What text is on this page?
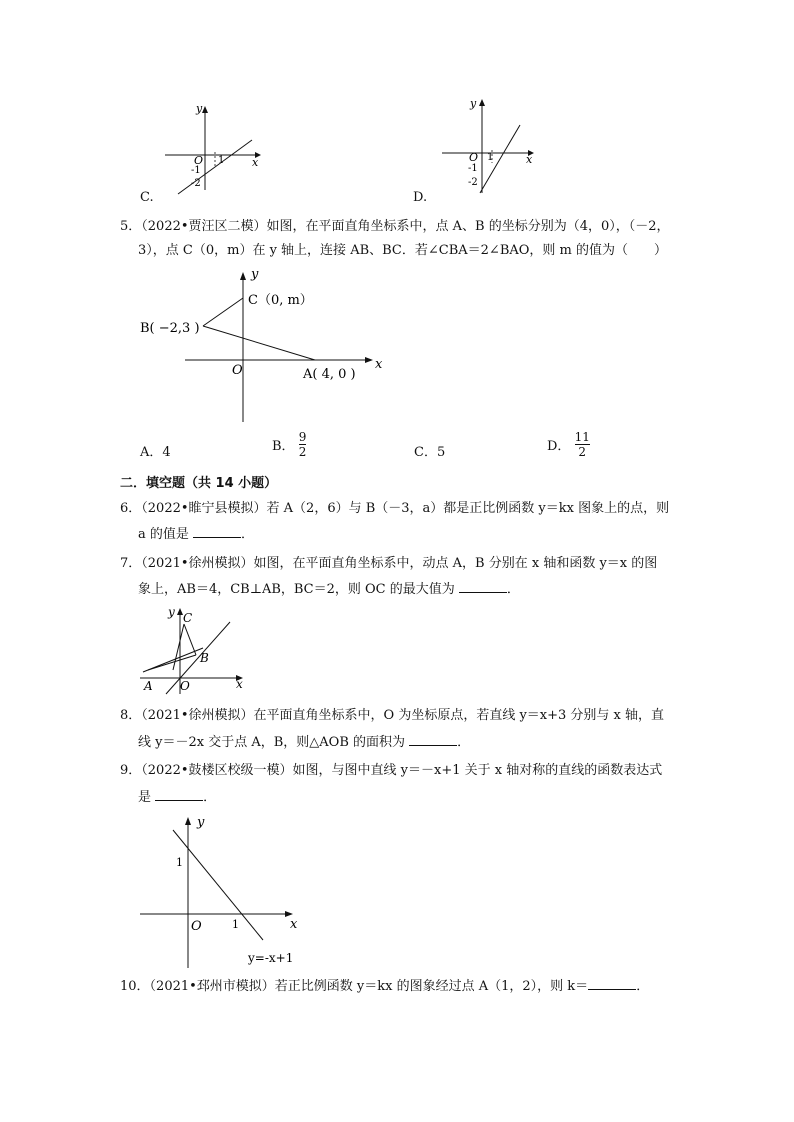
y
x
O 1
-1
-2
C.
y
x
O 1
-1
-2
D.
5．（2022•贾汪区二模）如图，在平面直角坐标系中，点 A、B 的坐标分别为（4，0），（－2，
3），点 C（0，m）在 y 轴上，连接 AB、BC．若∠CBA＝2∠BAO，则 m 的值为（　　）
y
x
C（0, m）
B( −2,3 )
O	A( 4, 0 )
A．4	B． $\frac{9}{2}$	C．5	D． $\frac{11}{2}$
二．填空题（共 14 小题）
6．（2022•睢宁县模拟）若 A（2，6）与 B（－3，a）都是正比例函数 y＝kx 图象上的点，则
a 的值是	．
7．（2021•徐州模拟）如图，在平面直角坐标系中，动点 A，B 分别在 x 轴和函数 y＝x 的图
象上，AB＝4，CB⊥AB，BC＝2，则 OC 的最大值为	．
y C
B
A O	x
8．（2021•徐州模拟）在平面直角坐标系中，O 为坐标原点，若直线 y＝x+3 分别与 x 轴，直
线 y＝－2x 交于点 A，B，则△AOB 的面积为	．
9．（2022•鼓楼区校级一模）如图，与图中直线 y＝－x+1 关于 x 轴对称的直线的函数表达式
是	．
y
1
O	1	x
y=-x+1
10．（2021•邳州市模拟）若正比例函数 y＝kx 的图象经过点 A（1，2），则 k＝	．
